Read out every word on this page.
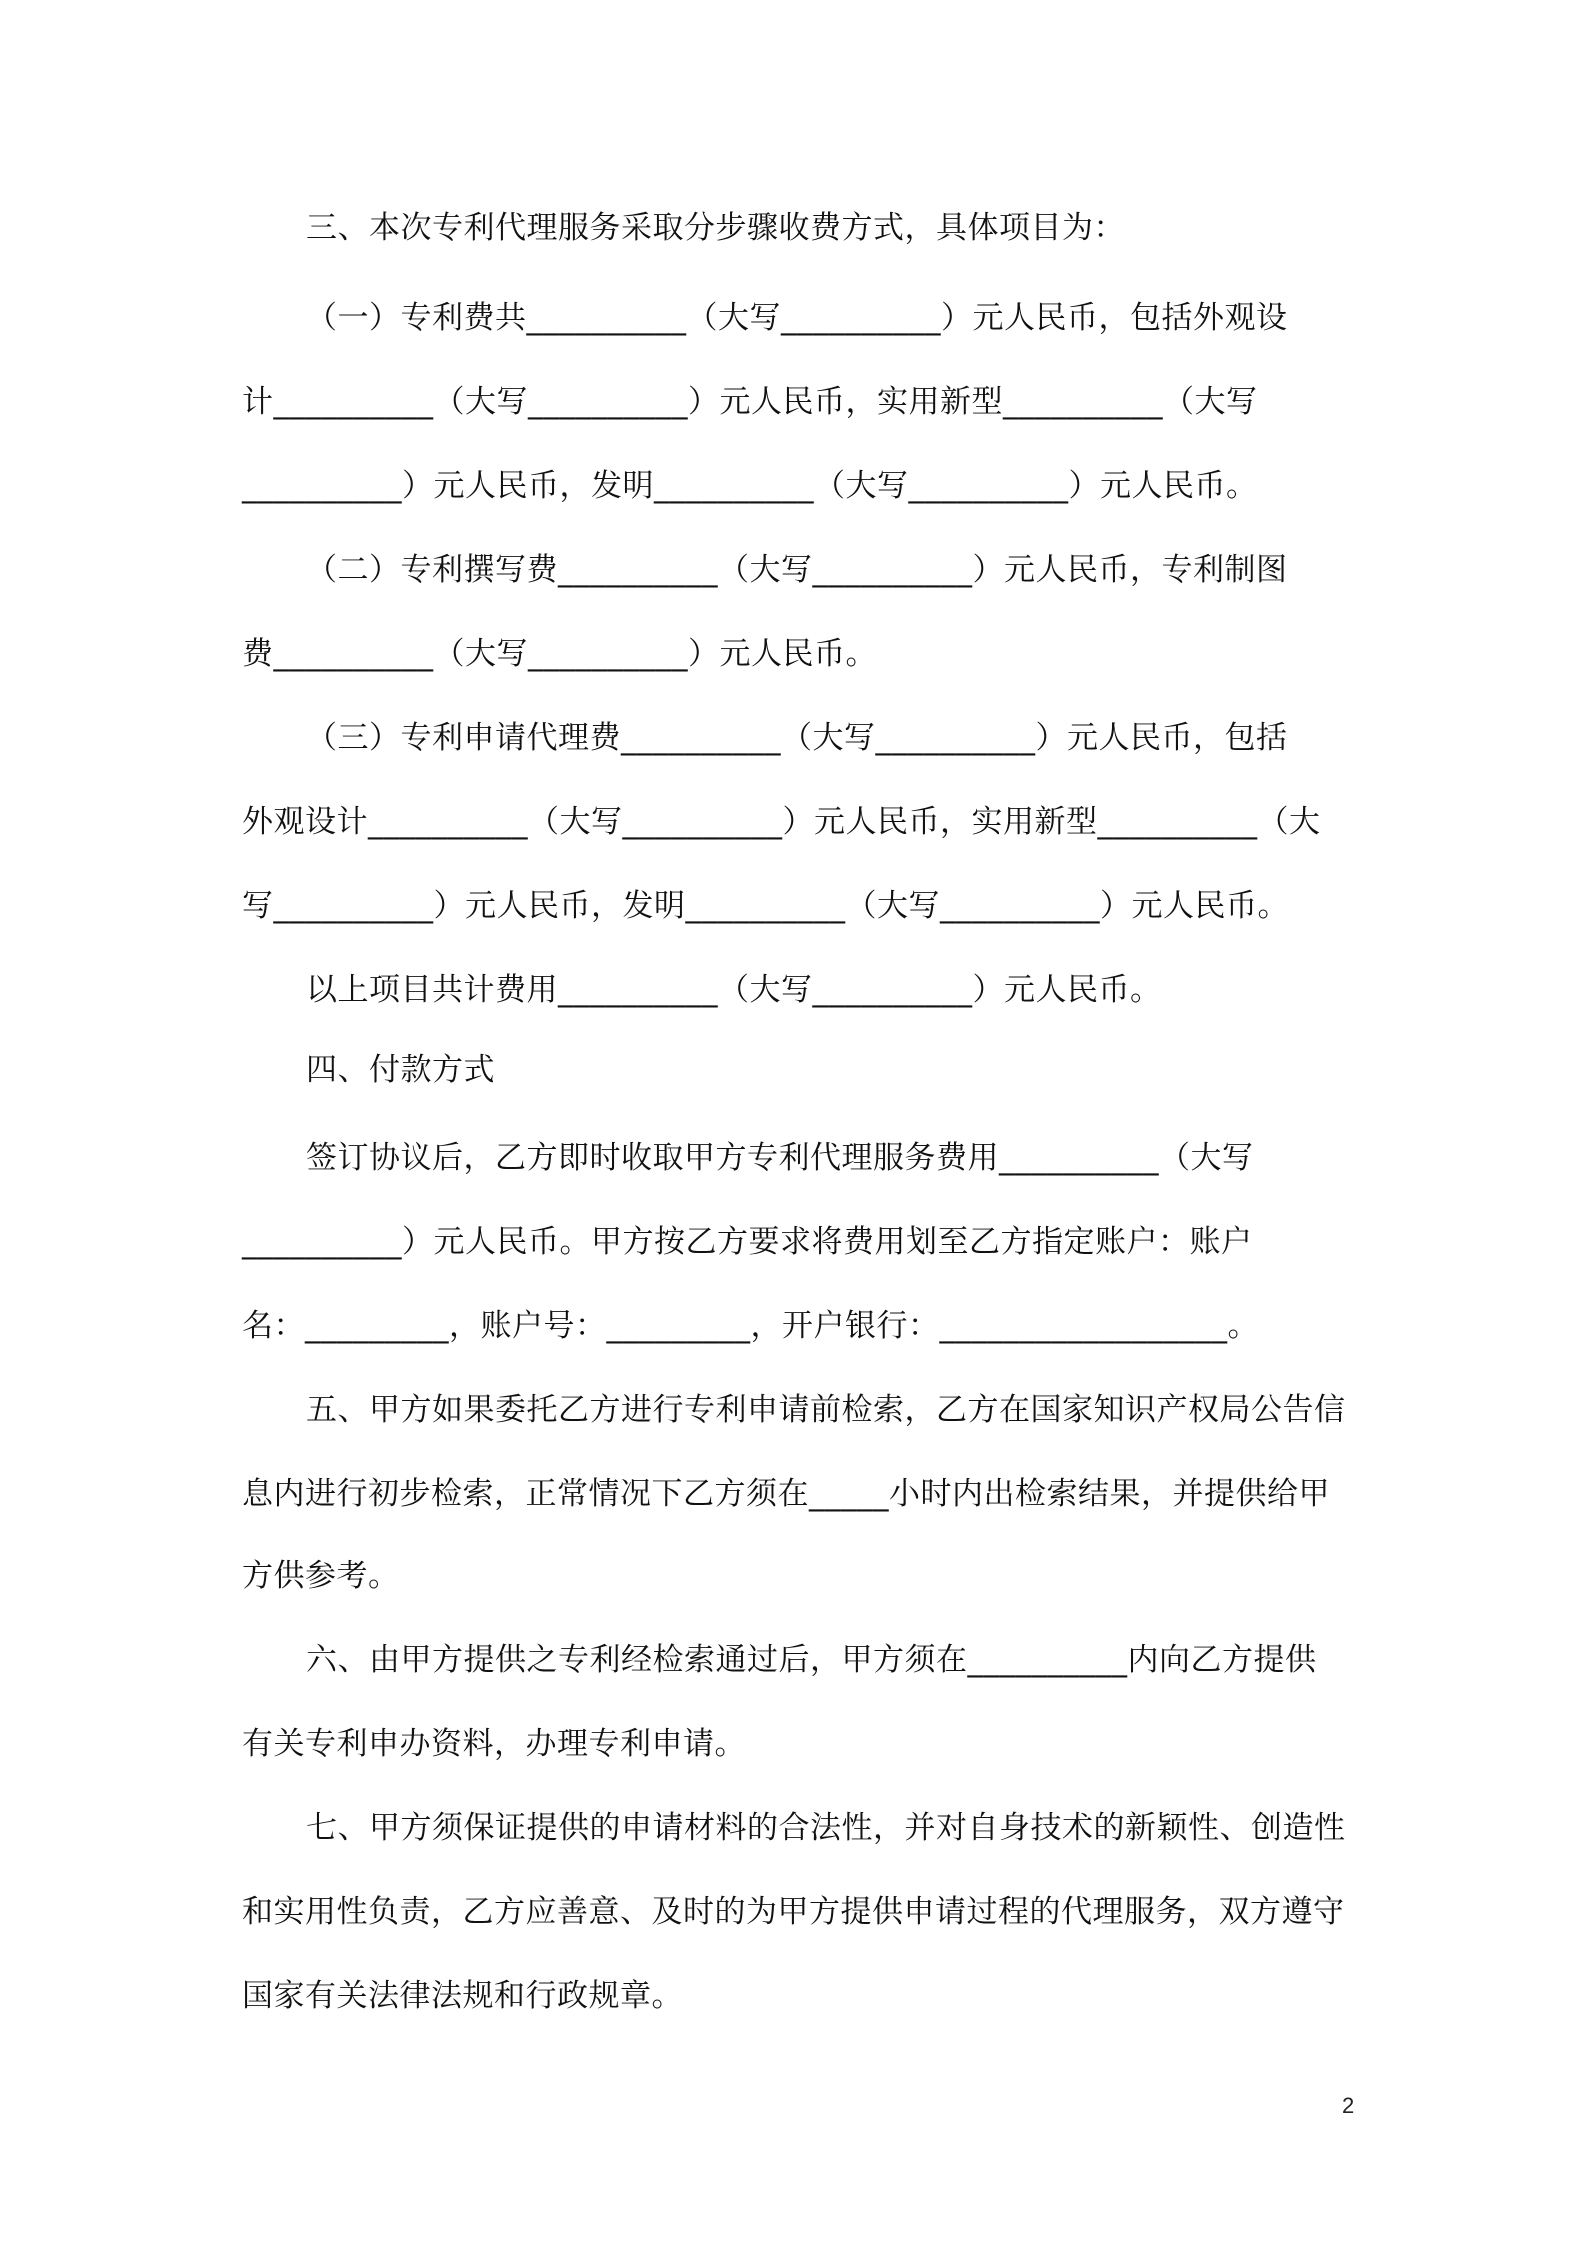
三、本次专利代理服务采取分步骤收费方式，具体项目为：
（一）专利费共__________（大写__________）元人民币，包括外观设
计__________（大写__________）元人民币，实用新型__________（大写
__________）元人民币，发明__________（大写__________）元人民币。
（二）专利撰写费__________（大写__________）元人民币，专利制图
费__________（大写__________）元人民币。
（三）专利申请代理费__________（大写__________）元人民币，包括
外观设计__________（大写__________）元人民币，实用新型__________（大
写__________）元人民币，发明__________（大写__________）元人民币。
以上项目共计费用__________（大写__________）元人民币。
四、付款方式
签订协议后，乙方即时收取甲方专利代理服务费用__________（大写
__________）元人民币。甲方按乙方要求将费用划至乙方指定账户：账户
名：_________，账户号：_________，开户银行：__________________。
五、甲方如果委托乙方进行专利申请前检索，乙方在国家知识产权局公告信
息内进行初步检索，正常情况下乙方须在_____小时内出检索结果，并提供给甲
方供参考。
六、由甲方提供之专利经检索通过后，甲方须在__________内向乙方提供
有关专利申办资料，办理专利申请。
七、甲方须保证提供的申请材料的合法性，并对自身技术的新颖性、创造性
和实用性负责，乙方应善意、及时的为甲方提供申请过程的代理服务，双方遵守
国家有关法律法规和行政规章。
2
